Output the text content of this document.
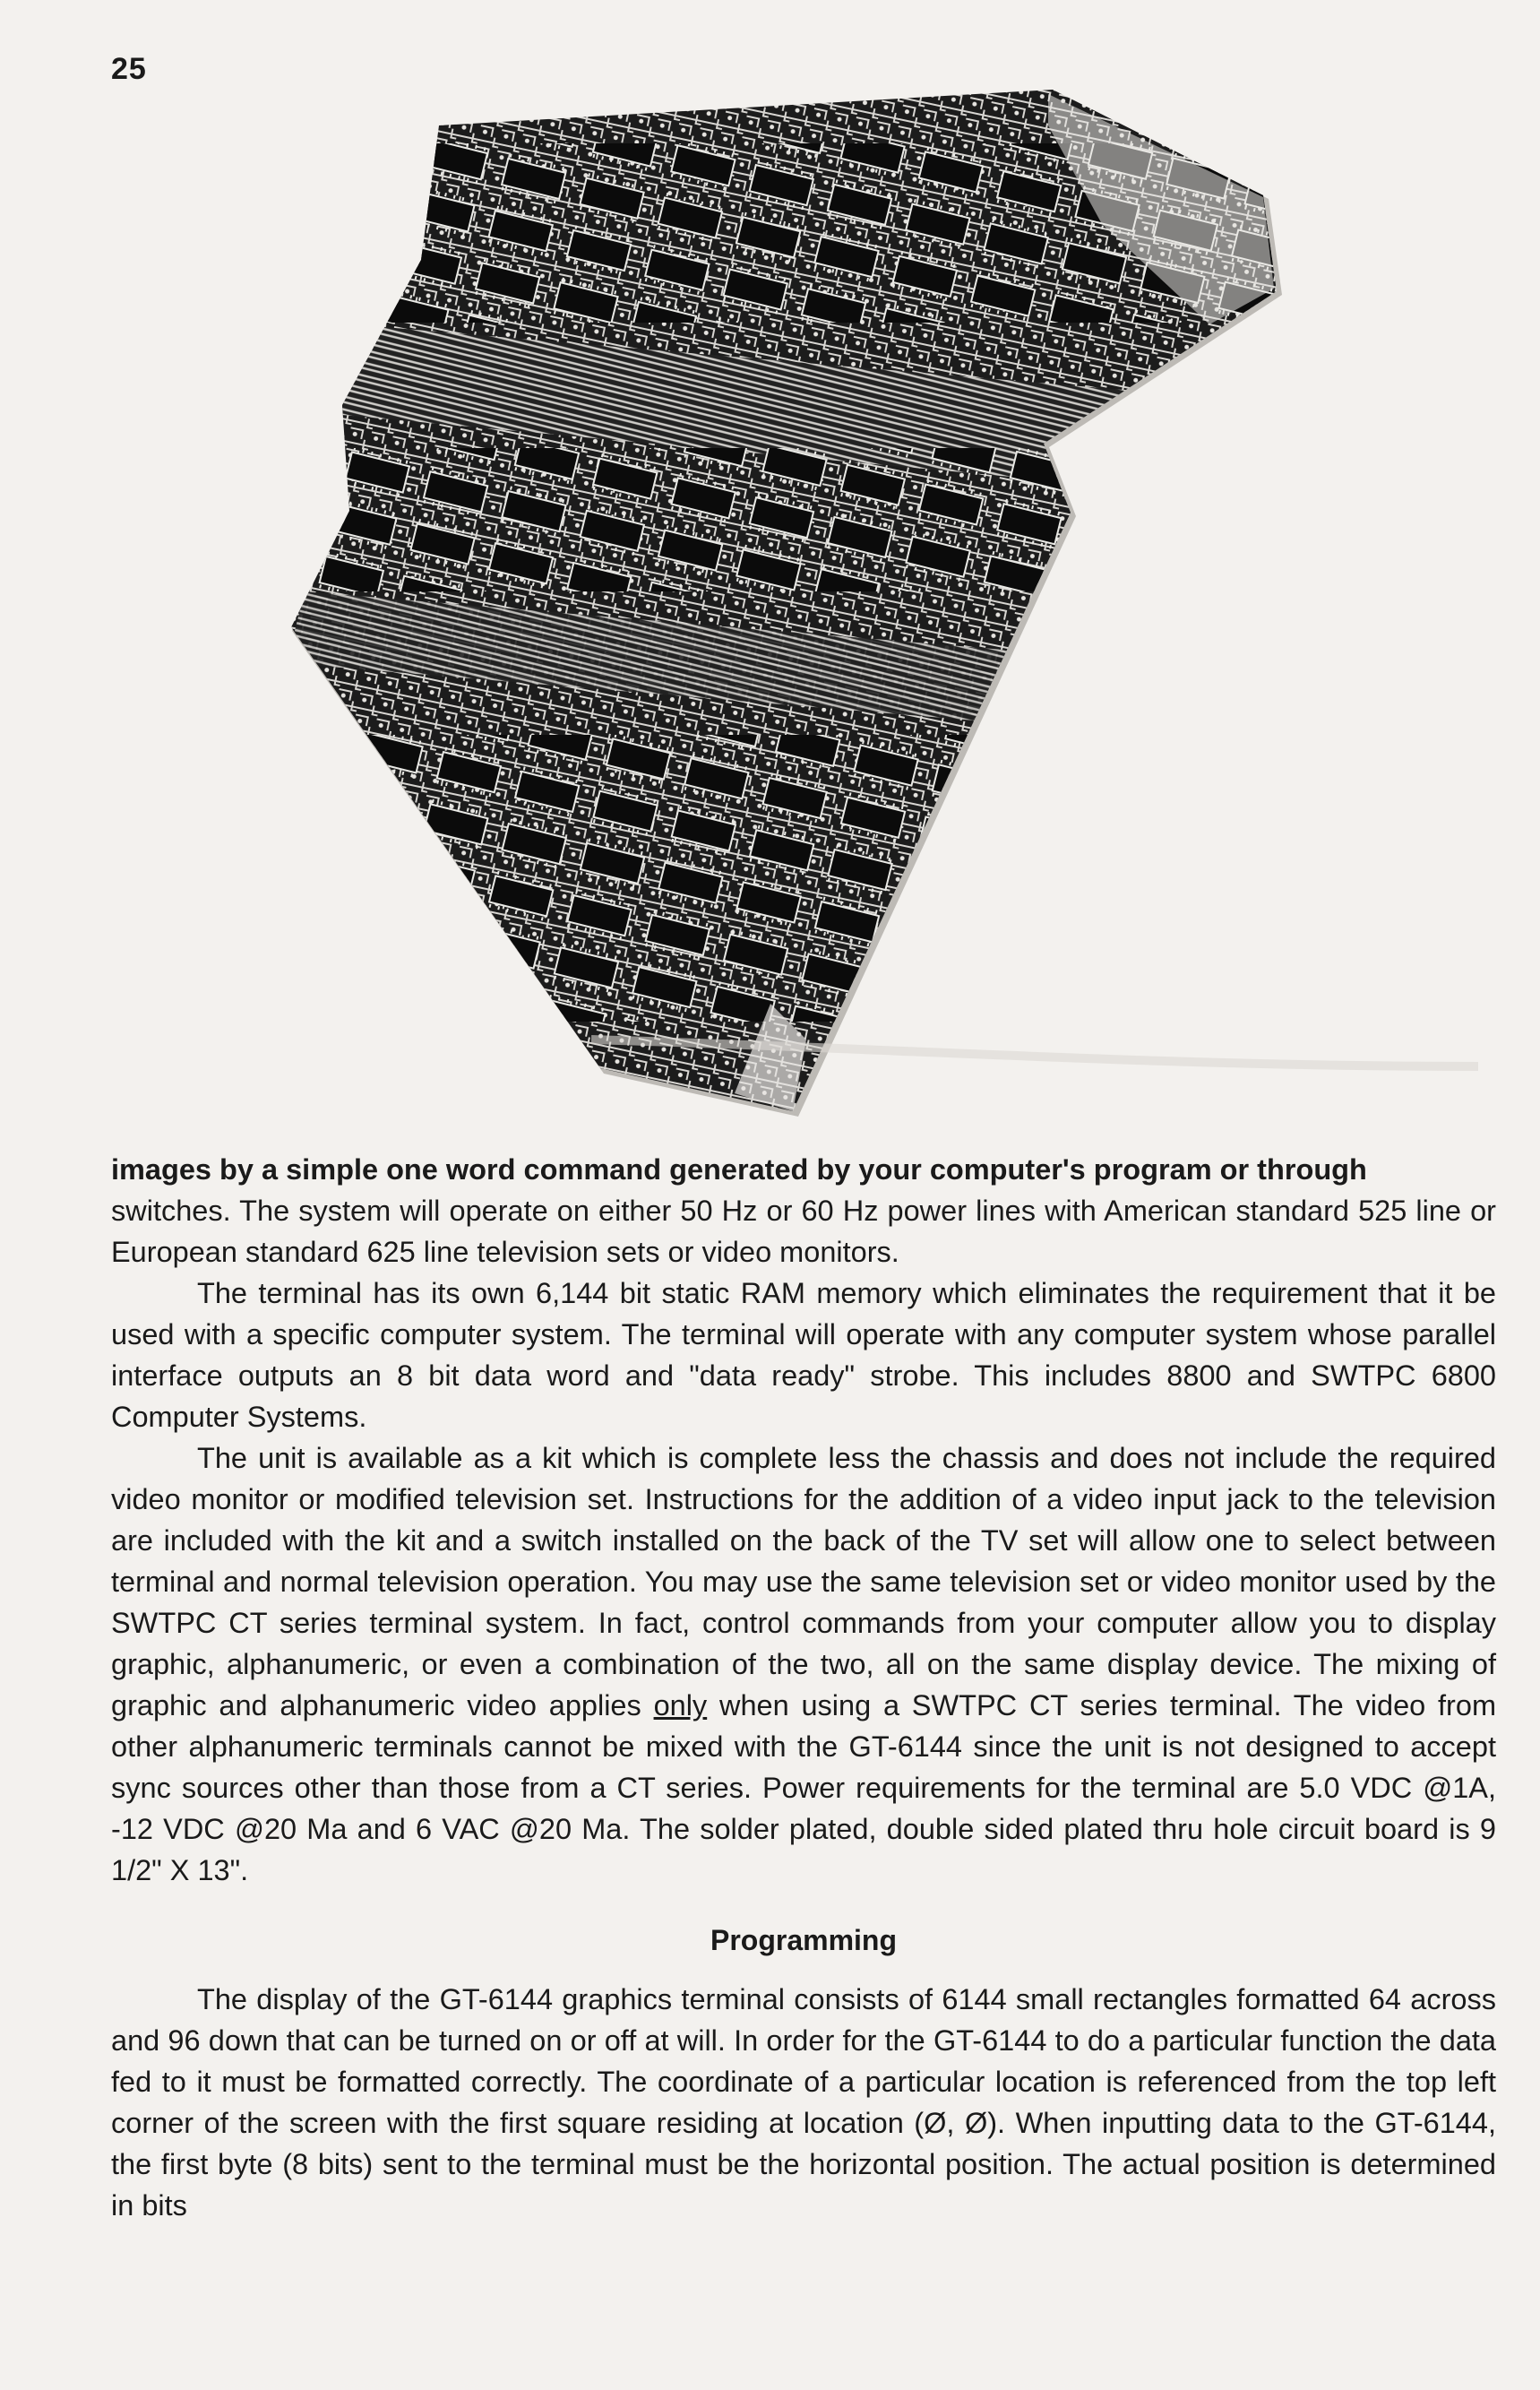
25

images by a simple one word command generated by your computer's program or through

switches. The system will operate on either 50 Hz or 60 Hz power lines with American standard 525 line or European standard 625 line television sets or video monitors.

The terminal has its own 6,144 bit static RAM memory which eliminates the requirement that it be used with a specific computer system. The terminal will operate with any computer system whose parallel interface outputs an 8 bit data word and "data ready" strobe. This includes 8800 and SWTPC 6800 Computer Systems.

The unit is available as a kit which is complete less the chassis and does not include the required video monitor or modified television set. Instructions for the addition of a video input jack to the television are included with the kit and a switch installed on the back of the TV set will allow one to select between terminal and normal television operation. You may use the same television set or video monitor used by the SWTPC CT series terminal system. In fact, control commands from your computer allow you to display graphic, alphanumeric, or even a combination of the two, all on the same display device. The mixing of graphic and alphanumeric video applies only when using a SWTPC CT series terminal. The video from other alphanumeric terminals cannot be mixed with the GT-6144 since the unit is not designed to accept sync sources other than those from a CT series. Power requirements for the terminal are 5.0 VDC @1A, -12 VDC @20 Ma and 6 VAC @20 Ma. The solder plated, double sided plated thru hole circuit board is 9 1/2" X 13".

Programming

The display of the GT-6144 graphics terminal consists of 6144 small rectangles formatted 64 across and 96 down that can be turned on or off at will. In order for the GT-6144 to do a particular function the data fed to it must be formatted correctly. The coordinate of a particular location is referenced from the top left corner of the screen with the first square residing at location (Ø, Ø). When inputting data to the GT-6144, the first byte (8 bits) sent to the terminal must be the horizontal position. The actual position is determined in bits
